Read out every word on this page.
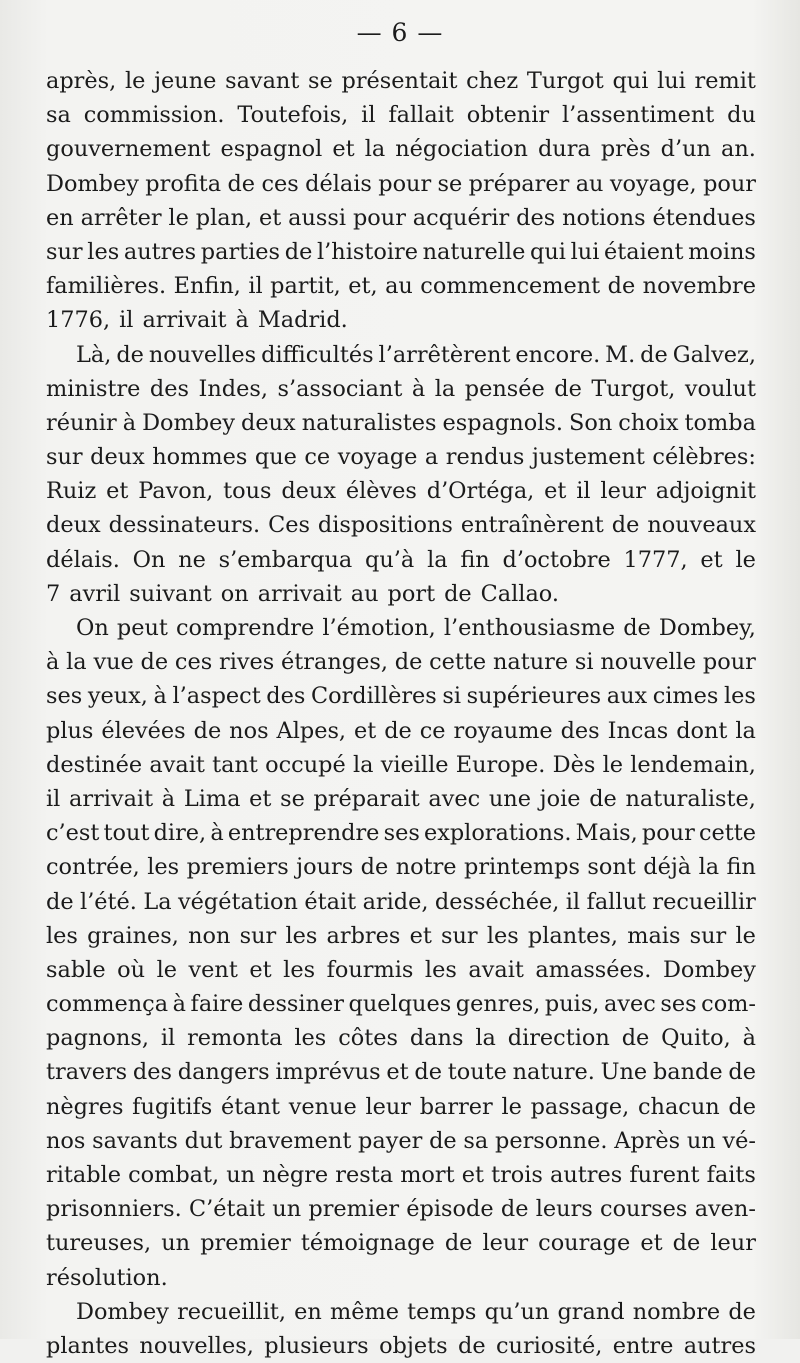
— 6 —
après, le jeune savant se présentait chez Turgot qui lui remit
sa commission. Toutefois, il fallait obtenir l’assentiment du
gouvernement espagnol et la négociation dura près d’un an.
Dombey profita de ces délais pour se préparer au voyage, pour
en arrêter le plan, et aussi pour acquérir des notions étendues
sur les autres parties de l’histoire naturelle qui lui étaient moins
familières. Enfin, il partit, et, au commencement de novembre
1776, il arrivait à Madrid.
Là, de nouvelles difficultés l’arrêtèrent encore. M. de Galvez,
ministre des Indes, s’associant à la pensée de Turgot, voulut
réunir à Dombey deux naturalistes espagnols. Son choix tomba
sur deux hommes que ce voyage a rendus justement célèbres:
Ruiz et Pavon, tous deux élèves d’Ortéga, et il leur adjoignit
deux dessinateurs. Ces dispositions entraînèrent de nouveaux
délais. On ne s’embarqua qu’à la fin d’octobre 1777, et le
7 avril suivant on arrivait au port de Callao.
On peut comprendre l’émotion, l’enthousiasme de Dombey,
à la vue de ces rives étranges, de cette nature si nouvelle pour
ses yeux, à l’aspect des Cordillères si supérieures aux cimes les
plus élevées de nos Alpes, et de ce royaume des Incas dont la
destinée avait tant occupé la vieille Europe. Dès le lendemain,
il arrivait à Lima et se préparait avec une joie de naturaliste,
c’est tout dire, à entreprendre ses explorations. Mais, pour cette
contrée, les premiers jours de notre printemps sont déjà la fin
de l’été. La végétation était aride, desséchée, il fallut recueillir
les graines, non sur les arbres et sur les plantes, mais sur le
sable où le vent et les fourmis les avait amassées. Dombey
commença à faire dessiner quelques genres, puis, avec ses com-
pagnons, il remonta les côtes dans la direction de Quito, à
travers des dangers imprévus et de toute nature. Une bande de
nègres fugitifs étant venue leur barrer le passage, chacun de
nos savants dut bravement payer de sa personne. Après un vé-
ritable combat, un nègre resta mort et trois autres furent faits
prisonniers. C’était un premier épisode de leurs courses aven-
tureuses, un premier témoignage de leur courage et de leur
résolution.
Dombey recueillit, en même temps qu’un grand nombre de
plantes nouvelles, plusieurs objets de curiosité, entre autres
